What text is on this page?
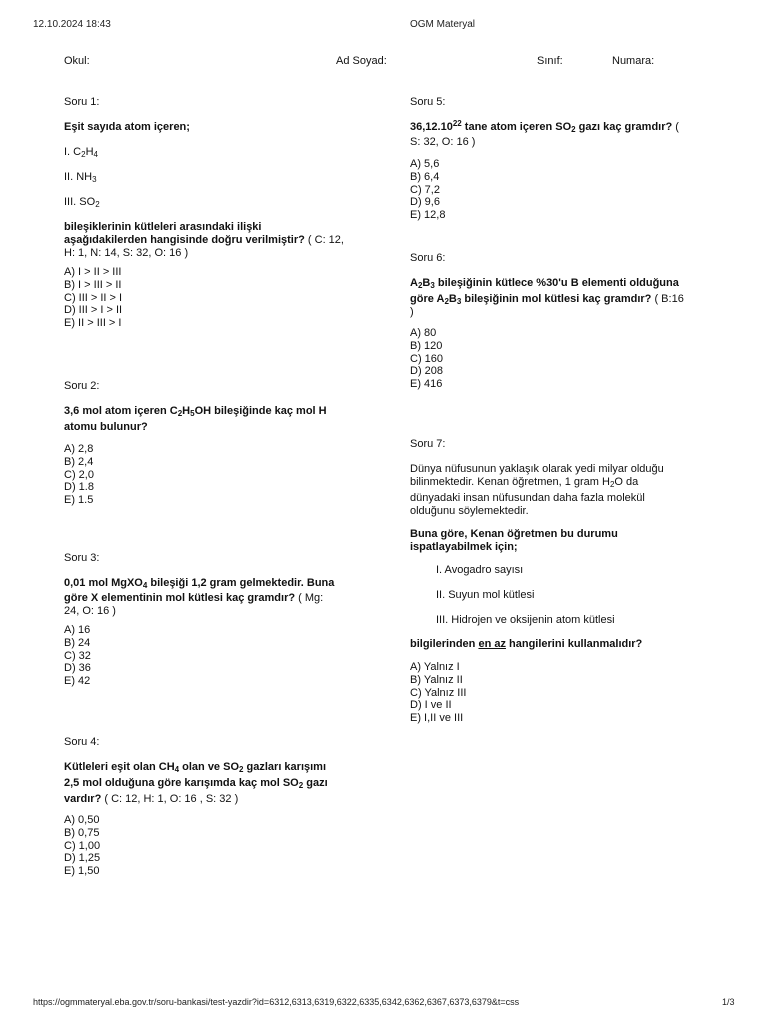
12.10.2024 18:43	OGM Materyal
Okul:	Ad Soyad:	Sınıf:	Numara:
Soru 1:
Eşit sayıda atom içeren;
I. $C_2H_4$
II. $NH_3$
III. $SO_2$
bileşiklerinin kütleleri arasındaki ilişki
aşağıdakilerden hangisinde doğru verilmiştir? ( C: 12,
H: 1, N: 14, S: 32, O: 16 )
A) I > II > III
B) I > III > II
C) III > II > I
D) III > I > II
E) II > III > I
Soru 2:
3,6 mol atom içeren $C_2H_5OH$ bileşiğinde kaç mol H
atomu bulunur?
A) 2,8
B) 2,4
C) 2,0
D) 1.8
E) 1.5
Soru 3:
0,01 mol MgXO$_4$ bileşiği 1,2 gram gelmektedir. Buna
göre X elementinin mol kütlesi kaç gramdır? ( Mg:
24, O: 16 )
A) 16
B) 24
C) 32
D) 36
E) 42
Soru 4:
Kütleleri eşit olan $CH_4$ olan ve $SO_2$ gazları karışımı
2,5 mol olduğuna göre karışımda kaç mol $SO_2$ gazı
vardır? ( C: 12, H: 1, O: 16 , S: 32 )
A) 0,50
B) 0,75
C) 1,00
D) 1,25
E) 1,50
Soru 5:
36,12.10$^{22}$ tane atom içeren $SO_2$ gazı kaç gramdır? (
S: 32, O: 16 )
A) 5,6
B) 6,4
C) 7,2
D) 9,6
E) 12,8
Soru 6:
$A_2B_3$ bileşiğinin kütlece %30'u B elementi olduğuna
göre $A_2B_3$ bileşiğinin mol kütlesi kaç gramdır? ( B:16
)
A) 80
B) 120
C) 160
D) 208
E) 416
Soru 7:
Dünya nüfusunun yaklaşık olarak yedi milyar olduğu
bilinmektedir. Kenan öğretmen, 1 gram $H_2O$ da
dünyadaki insan nüfusundan daha fazla molekül
olduğunu söylemektedir.
Buna göre, Kenan öğretmen bu durumu
ispatlayabilmek için;
I. Avogadro sayısı
II. Suyun mol kütlesi
III. Hidrojen ve oksijenin atom kütlesi
bilgilerinden en az hangilerini kullanmalıdır?
A) Yalnız I
B) Yalnız II
C) Yalnız III
D) I ve II
E) I,II ve III
https://ogmmateryal.eba.gov.tr/soru-bankasi/test-yazdir?id=6312,6313,6319,6322,6335,6342,6362,6367,6373,6379&t=css	1/3
